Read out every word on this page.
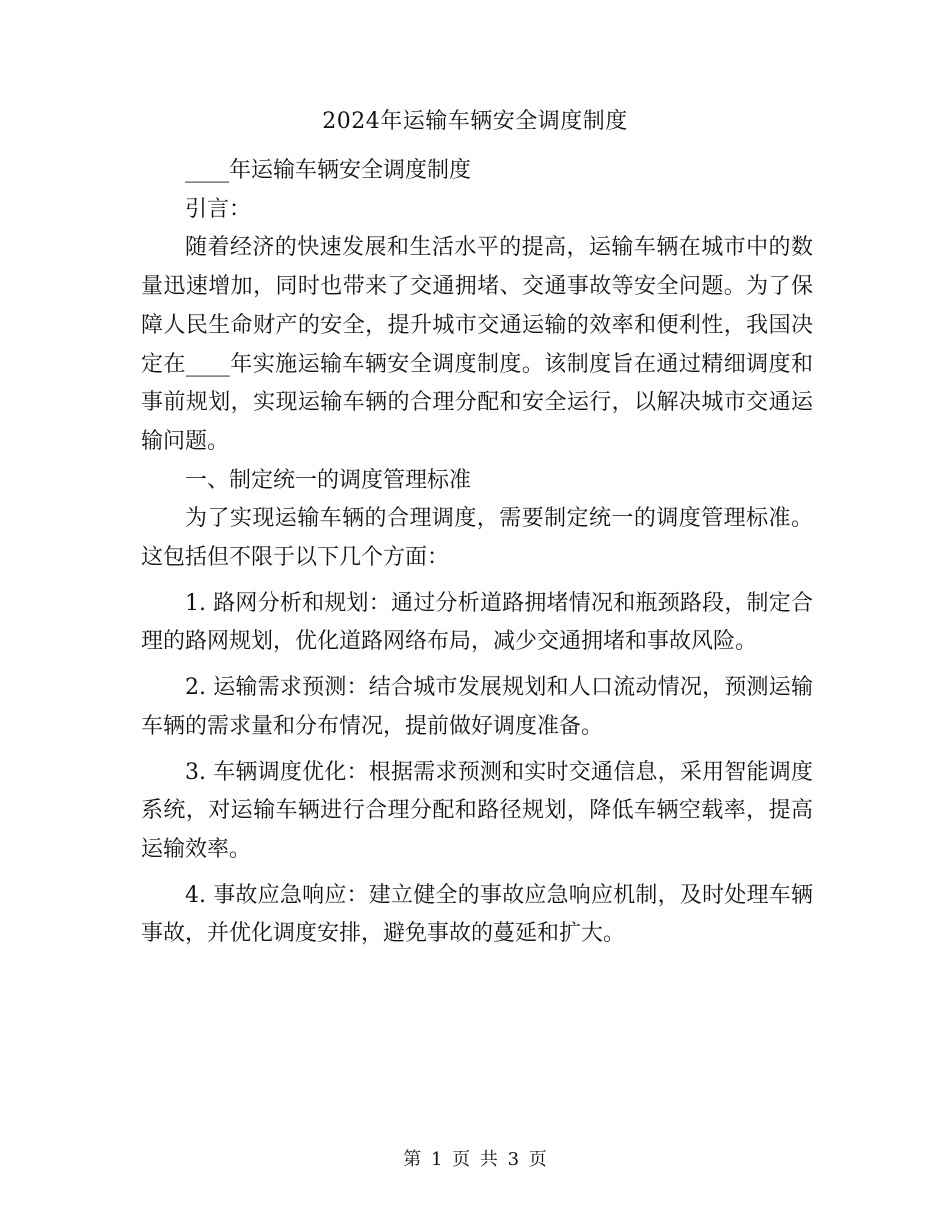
2024年运输车辆安全调度制度

____年运输车辆安全调度制度

引言：

随着经济的快速发展和生活水平的提高，运输车辆在城市中的数量迅速增加，同时也带来了交通拥堵、交通事故等安全问题。为了保障人民生命财产的安全，提升城市交通运输的效率和便利性，我国决定在____年实施运输车辆安全调度制度。该制度旨在通过精细调度和事前规划，实现运输车辆的合理分配和安全运行，以解决城市交通运输问题。

一、制定统一的调度管理标准

为了实现运输车辆的合理调度，需要制定统一的调度管理标准。这包括但不限于以下几个方面：

1. 路网分析和规划：通过分析道路拥堵情况和瓶颈路段，制定合理的路网规划，优化道路网络布局，减少交通拥堵和事故风险。

2. 运输需求预测：结合城市发展规划和人口流动情况，预测运输车辆的需求量和分布情况，提前做好调度准备。

3. 车辆调度优化：根据需求预测和实时交通信息，采用智能调度系统，对运输车辆进行合理分配和路径规划，降低车辆空载率，提高运输效率。

4. 事故应急响应：建立健全的事故应急响应机制，及时处理车辆事故，并优化调度安排，避免事故的蔓延和扩大。

第 1 页 共 3 页
